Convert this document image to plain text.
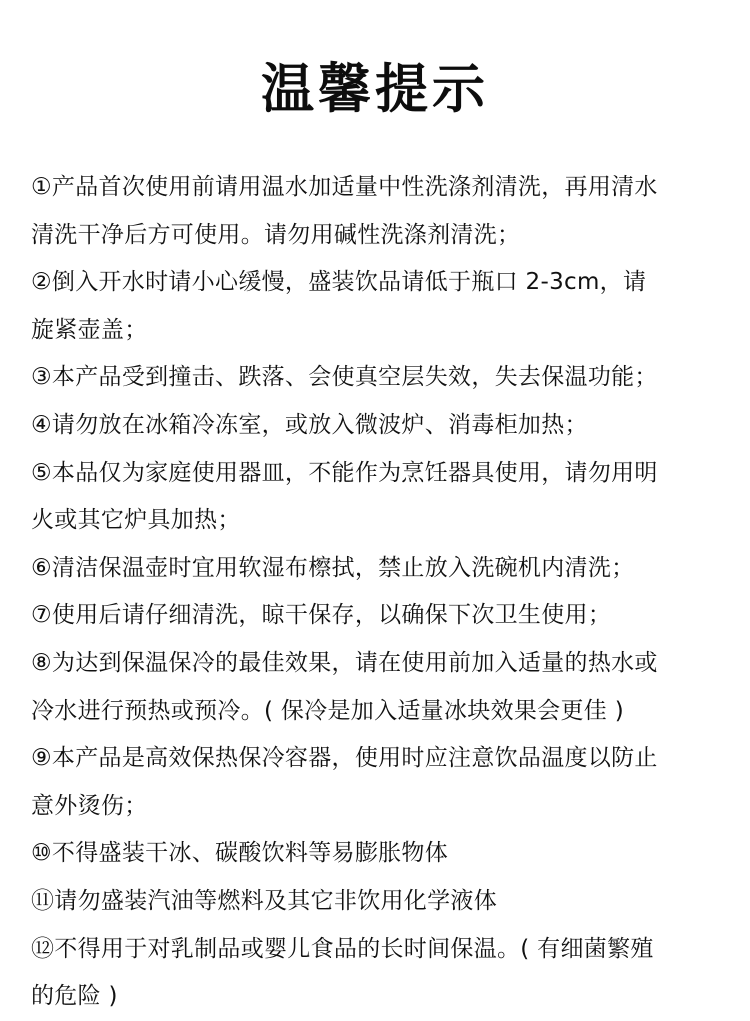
温馨提示
①产品首次使用前请用温水加适量中性洗涤剂清洗，再用清水
清洗干净后方可使用。请勿用碱性洗涤剂清洗；
②倒入开水时请小心缓慢，盛装饮品请低于瓶口 2-3cm，请
旋紧壶盖；
③本产品受到撞击、跌落、会使真空层失效，失去保温功能；
④请勿放在冰箱冷冻室，或放入微波炉、消毒柜加热；
⑤本品仅为家庭使用器皿，不能作为烹饪器具使用，请勿用明
火或其它炉具加热；
⑥清洁保温壶时宜用软湿布檫拭，禁止放入洗碗机内清洗；
⑦使用后请仔细清洗，晾干保存，以确保下次卫生使用；
⑧为达到保温保冷的最佳效果，请在使用前加入适量的热水或
冷水进行预热或预冷。( 保冷是加入适量冰块效果会更佳 )
⑨本产品是高效保热保冷容器，使用时应注意饮品温度以防止
意外烫伤；
⑩不得盛装干冰、碳酸饮料等易膨胀物体
⑪请勿盛装汽油等燃料及其它非饮用化学液体
⑫不得用于对乳制品或婴儿食品的长时间保温。( 有细菌繁殖
的危险 )
